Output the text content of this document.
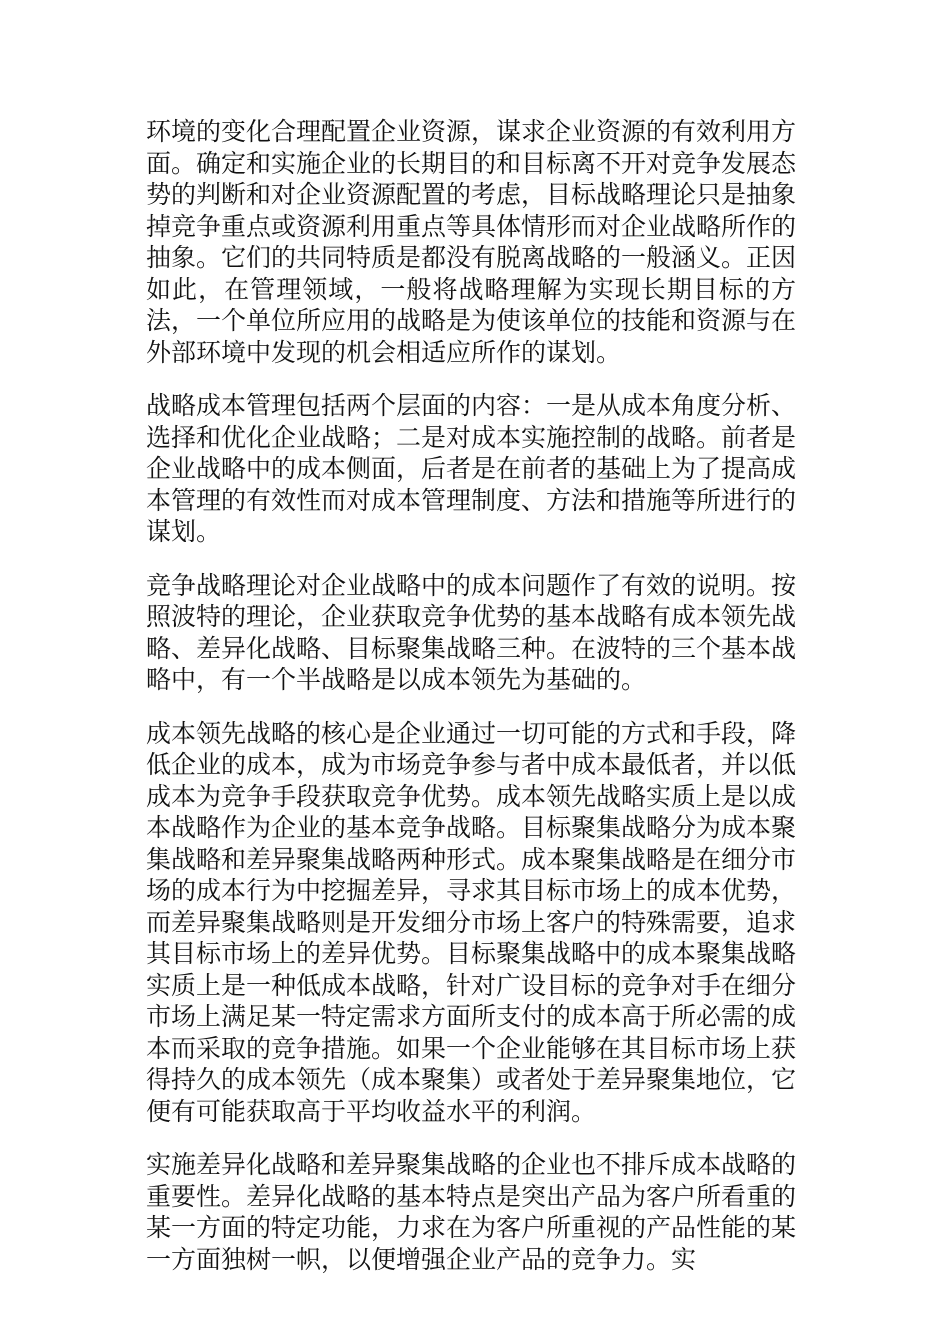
环境的变化合理配置企业资源，谋求企业资源的有效利用方面。确定和实施企业的长期目的和目标离不开对竞争发展态势的判断和对企业资源配置的考虑，目标战略理论只是抽象掉竞争重点或资源利用重点等具体情形而对企业战略所作的抽象。它们的共同特质是都没有脱离战略的一般涵义。正因如此，在管理领域，一般将战略理解为实现长期目标的方法，一个单位所应用的战略是为使该单位的技能和资源与在外部环境中发现的机会相适应所作的谋划。

战略成本管理包括两个层面的内容：一是从成本角度分析、选择和优化企业战略；二是对成本实施控制的战略。前者是企业战略中的成本侧面，后者是在前者的基础上为了提高成本管理的有效性而对成本管理制度、方法和措施等所进行的谋划。

竞争战略理论对企业战略中的成本问题作了有效的说明。按照波特的理论，企业获取竞争优势的基本战略有成本领先战略、差异化战略、目标聚集战略三种。在波特的三个基本战略中，有一个半战略是以成本领先为基础的。

成本领先战略的核心是企业通过一切可能的方式和手段，降低企业的成本，成为市场竞争参与者中成本最低者，并以低成本为竞争手段获取竞争优势。成本领先战略实质上是以成本战略作为企业的基本竞争战略。目标聚集战略分为成本聚集战略和差异聚集战略两种形式。成本聚集战略是在细分市场的成本行为中挖掘差异，寻求其目标市场上的成本优势，而差异聚集战略则是开发细分市场上客户的特殊需要，追求其目标市场上的差异优势。目标聚集战略中的成本聚集战略实质上是一种低成本战略，针对广设目标的竞争对手在细分市场上满足某一特定需求方面所支付的成本高于所必需的成本而采取的竞争措施。如果一个企业能够在其目标市场上获得持久的成本领先（成本聚集）或者处于差异聚集地位，它便有可能获取高于平均收益水平的利润。

实施差异化战略和差异聚集战略的企业也不排斥成本战略的重要性。差异化战略的基本特点是突出产品为客户所看重的某一方面的特定功能，力求在为客户所重视的产品性能的某一方面独树一帜，以便增强企业产品的竞争力。实
